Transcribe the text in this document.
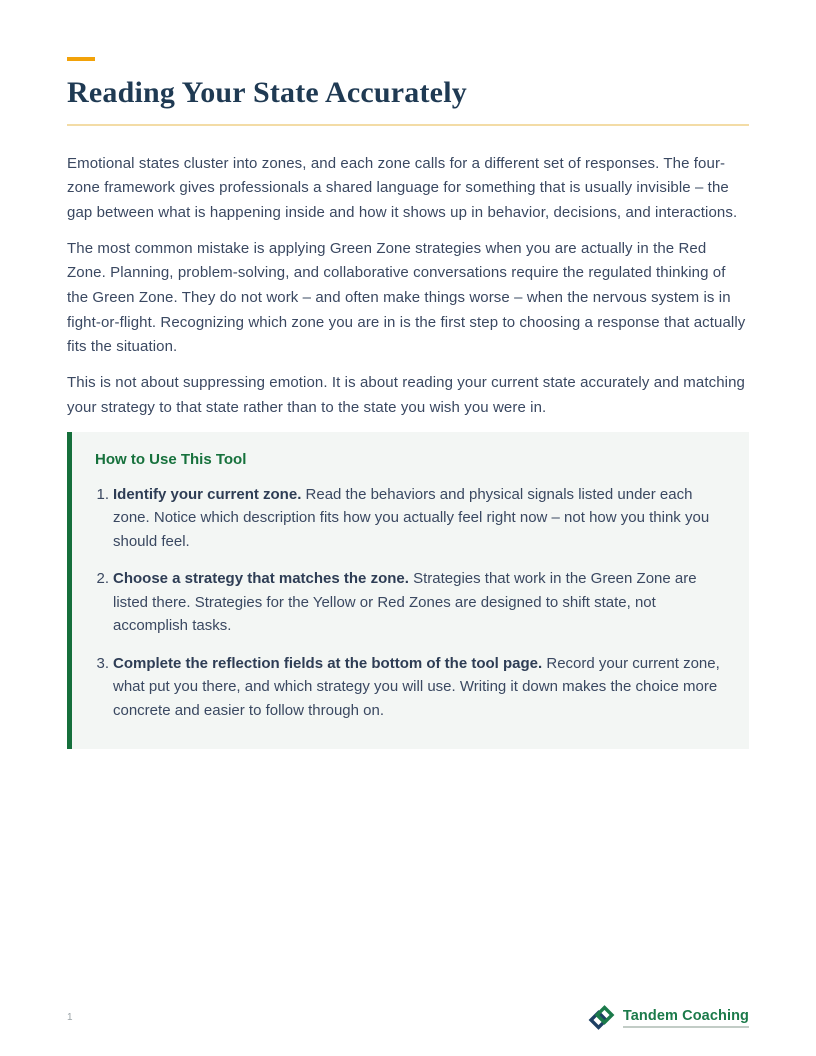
Reading Your State Accurately

Emotional states cluster into zones, and each zone calls for a different set of responses. The four-zone framework gives professionals a shared language for something that is usually invisible – the gap between what is happening inside and how it shows up in behavior, decisions, and interactions.

The most common mistake is applying Green Zone strategies when you are actually in the Red Zone. Planning, problem-solving, and collaborative conversations require the regulated thinking of the Green Zone. They do not work – and often make things worse – when the nervous system is in fight-or-flight. Recognizing which zone you are in is the first step to choosing a response that actually fits the situation.

This is not about suppressing emotion. It is about reading your current state accurately and matching your strategy to that state rather than to the state you wish you were in.

How to Use This Tool
1. Identify your current zone. Read the behaviors and physical signals listed under each zone. Notice which description fits how you actually feel right now – not how you think you should feel.
2. Choose a strategy that matches the zone. Strategies that work in the Green Zone are listed there. Strategies for the Yellow or Red Zones are designed to shift state, not accomplish tasks.
3. Complete the reflection fields at the bottom of the tool page. Record your current zone, what put you there, and which strategy you will use. Writing it down makes the choice more concrete and easier to follow through on.
1	Tandem Coaching
